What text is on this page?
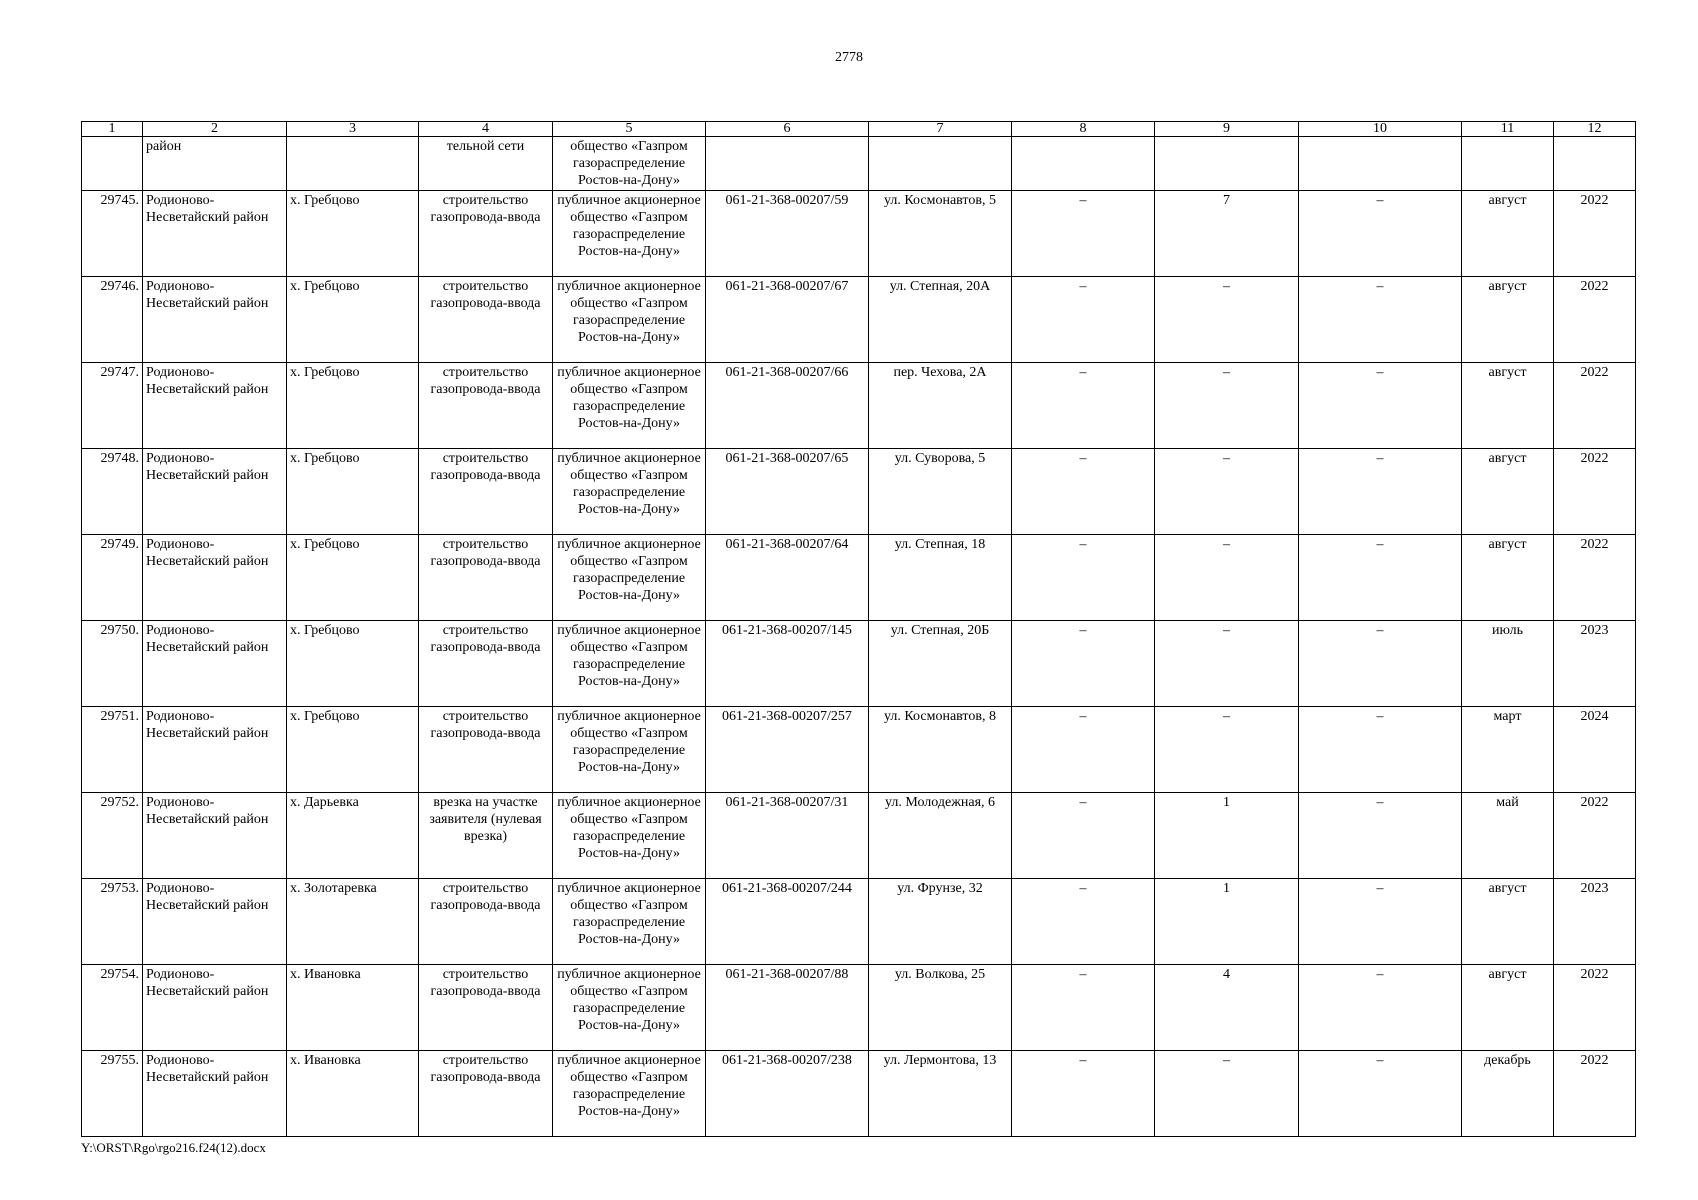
2778
1	2	3	4	5	6	7	8	9	10	11	12
	район		тельной сети	общество «Газпром газораспределение Ростов-на-Дону»							
29745.	Родионово-Несветайский район	х. Гребцово	строительство газопровода-ввода	публичное акционерное общество «Газпром газораспределение Ростов-на-Дону»	061-21-368-00207/59	ул. Космонавтов, 5	–	7	–	август	2022
29746.	Родионово-Несветайский район	х. Гребцово	строительство газопровода-ввода	публичное акционерное общество «Газпром газораспределение Ростов-на-Дону»	061-21-368-00207/67	ул. Степная, 20А	–	–	–	август	2022
29747.	Родионово-Несветайский район	х. Гребцово	строительство газопровода-ввода	публичное акционерное общество «Газпром газораспределение Ростов-на-Дону»	061-21-368-00207/66	пер. Чехова, 2А	–	–	–	август	2022
29748.	Родионово-Несветайский район	х. Гребцово	строительство газопровода-ввода	публичное акционерное общество «Газпром газораспределение Ростов-на-Дону»	061-21-368-00207/65	ул. Суворова, 5	–	–	–	август	2022
29749.	Родионово-Несветайский район	х. Гребцово	строительство газопровода-ввода	публичное акционерное общество «Газпром газораспределение Ростов-на-Дону»	061-21-368-00207/64	ул. Степная, 18	–	–	–	август	2022
29750.	Родионово-Несветайский район	х. Гребцово	строительство газопровода-ввода	публичное акционерное общество «Газпром газораспределение Ростов-на-Дону»	061-21-368-00207/145	ул. Степная, 20Б	–	–	–	июль	2023
29751.	Родионово-Несветайский район	х. Гребцово	строительство газопровода-ввода	публичное акционерное общество «Газпром газораспределение Ростов-на-Дону»	061-21-368-00207/257	ул. Космонавтов, 8	–	–	–	март	2024
29752.	Родионово-Несветайский район	х. Дарьевка	врезка на участке заявителя (нулевая врезка)	публичное акционерное общество «Газпром газораспределение Ростов-на-Дону»	061-21-368-00207/31	ул. Молодежная, 6	–	1	–	май	2022
29753.	Родионово-Несветайский район	х. Золотаревка	строительство газопровода-ввода	публичное акционерное общество «Газпром газораспределение Ростов-на-Дону»	061-21-368-00207/244	ул. Фрунзе, 32	–	1	–	август	2023
29754.	Родионово-Несветайский район	х. Ивановка	строительство газопровода-ввода	публичное акционерное общество «Газпром газораспределение Ростов-на-Дону»	061-21-368-00207/88	ул. Волкова, 25	–	4	–	август	2022
29755.	Родионово-Несветайский район	х. Ивановка	строительство газопровода-ввода	публичное акционерное общество «Газпром газораспределение Ростов-на-Дону»	061-21-368-00207/238	ул. Лермонтова, 13	–	–	–	декабрь	2022
Y:\ORST\Rgo\rgo216.f24(12).docx
